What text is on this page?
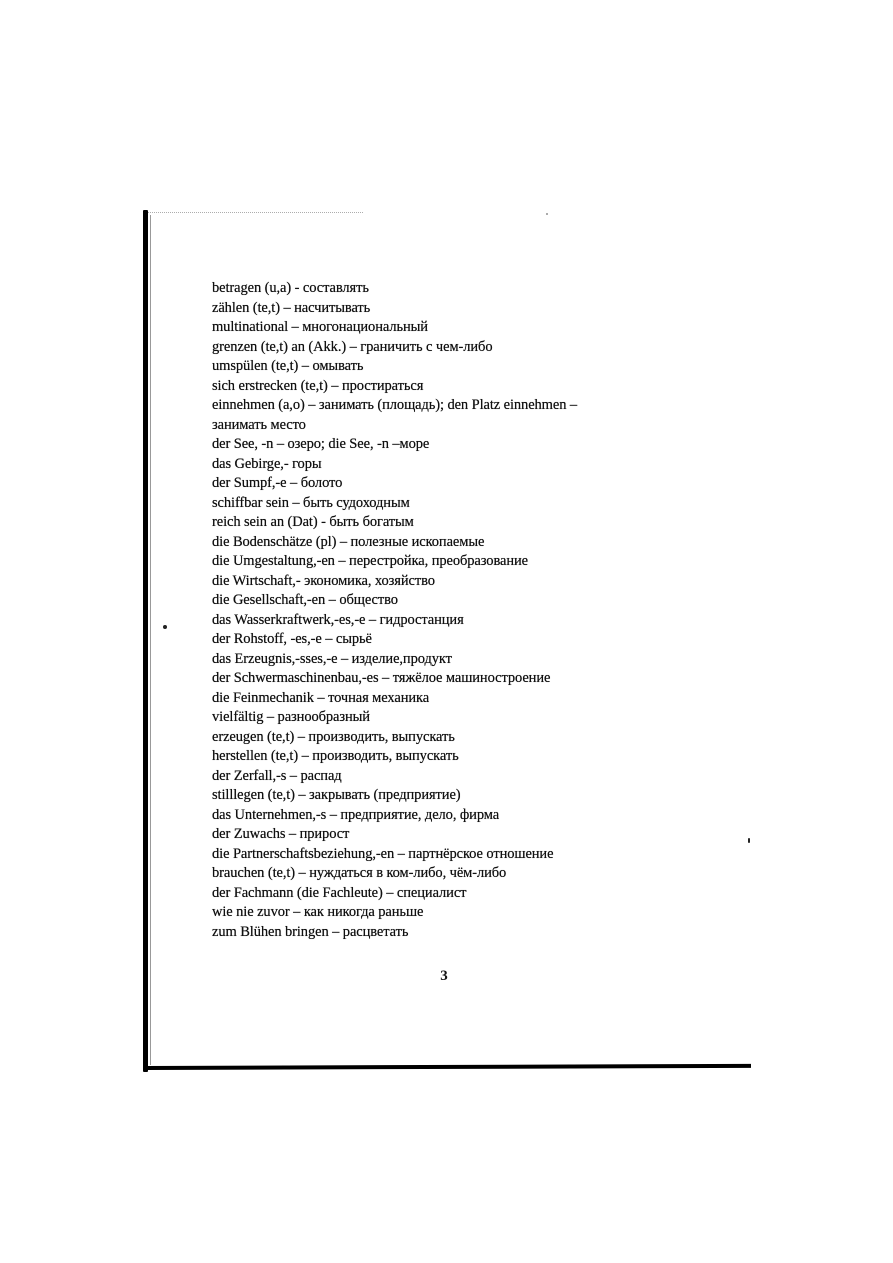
betragen (u,a) - составлять
zählen (te,t) – насчитывать
multinational – многонациональный
grenzen (te,t) an (Akk.) – граничить с чем-либо
umspülen (te,t) – омывать
sich erstrecken (te,t) – простираться
einnehmen (a,o) – занимать (площадь); den Platz einnehmen –
занимать место
der See, -n – озеро; die See, -n –море
das Gebirge,- горы
der Sumpf,-e – болото
schiffbar sein – быть судоходным
reich sein an (Dat) - быть богатым
die Bodenschätze (pl) – полезные ископаемые
die Umgestaltung,-en – перестройка, преобразование
die Wirtschaft,- экономика, хозяйство
die Gesellschaft,-en – общество
das Wasserkraftwerk,-es,-e – гидростанция
der Rohstoff, -es,-e – сырьё
das Erzeugnis,-sses,-e – изделие,продукт
der Schwermaschinenbau,-es – тяжёлое машиностроение
die Feinmechanik – точная механика
vielfältig – разнообразный
erzeugen (te,t) – производить, выпускать
herstellen (te,t) – производить, выпускать
der Zerfall,-s – распад
stilllegen (te,t) – закрывать (предприятие)
das Unternehmen,-s – предприятие, дело, фирма
der Zuwachs – прирост
die Partnerschaftsbeziehung,-en – партнёрское отношение
brauchen (te,t) – нуждаться в ком-либо, чём-либо
der Fachmann (die Fachleute) – специалист
wie nie zuvor – как никогда раньше
zum Blühen bringen – расцветать
3
